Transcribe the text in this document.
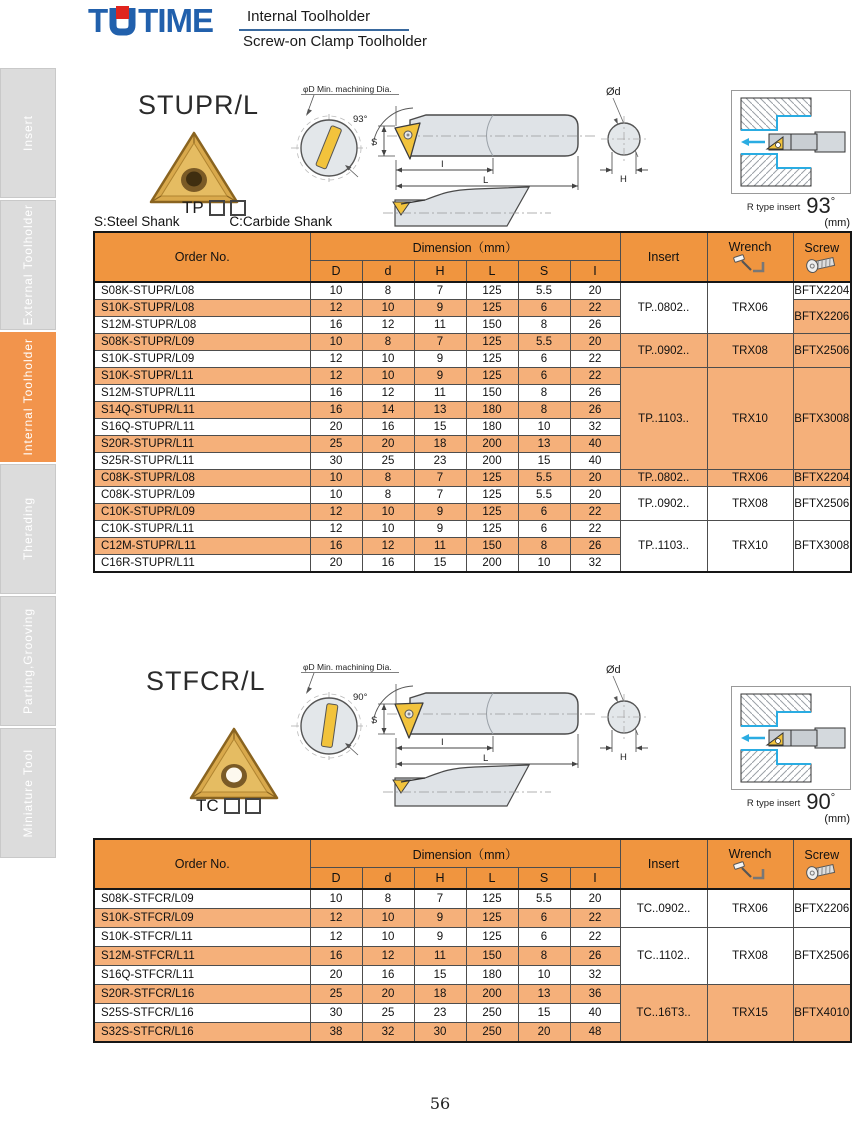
T TIME Internal Toolholder
Screw-on Clamp Toolholder
Insert
External Toolholder
Internal Toolholder
Therading
Parting,Grooving
Miniature Tool
STUPR/L
TP
S:Steel Shank	C:Carbide Shank
φD Min. machining Dia.
93°
S
I
L
Ød
H
R type insert 93 °
(mm)
Order No.	Dimension（mm）						Insert	Wrench	Screw

	D	d	H	L	S	I			
S08K-STUPR/L08	10	8	7	125	5.5	20	TP..0802..	TRX06	BFTX2204
S10K-STUPR/L08	12	10	9	125	6	22			BFTX2206
S12M-STUPR/L08	16	12	11	150	8	26			
S08K-STUPR/L09	10	8	7	125	5.5	20	TP..0902..	TRX08	BFTX2506
S10K-STUPR/L09	12	10	9	125	6	22			
S10K-STUPR/L11	12	10	9	125	6	22	TP..1103..	TRX10	BFTX3008
S12M-STUPR/L11	16	12	11	150	8	26			
S14Q-STUPR/L11	16	14	13	180	8	26			
S16Q-STUPR/L11	20	16	15	180	10	32			
S20R-STUPR/L11	25	20	18	200	13	40			
S25R-STUPR/L11	30	25	23	200	15	40			
C08K-STUPR/L08	10	8	7	125	5.5	20	TP..0802..	TRX06	BFTX2204
C08K-STUPR/L09	10	8	7	125	5.5	20	TP..0902..	TRX08	BFTX2506
C10K-STUPR/L09	12	10	9	125	6	22			
C10K-STUPR/L11	12	10	9	125	6	22	TP..1103..	TRX10	BFTX3008
C12M-STUPR/L11	16	12	11	150	8	26			
C16R-STUPR/L11	20	16	15	200	10	32			
STFCR/L
TC
φD Min. machining Dia.
90°
S
I
L
Ød
H
R type insert 90 °
(mm)
Order No.	Dimension（mm）						Insert	Wrench	Screw

	D	d	H	L	S	I			
S08K-STFCR/L09	10	8	7	125	5.5	20	TC..0902..	TRX06	BFTX2206
S10K-STFCR/L09	12	10	9	125	6	22			
S10K-STFCR/L11	12	10	9	125	6	22	TC..1102..	TRX08	BFTX2506
S12M-STFCR/L11	16	12	11	150	8	26			
S16Q-STFCR/L11	20	16	15	180	10	32			
S20R-STFCR/L16	25	20	18	200	13	36	TC..16T3..	TRX15	BFTX4010
S25S-STFCR/L16	30	25	23	250	15	40			
S32S-STFCR/L16	38	32	30	250	20	48			
56
